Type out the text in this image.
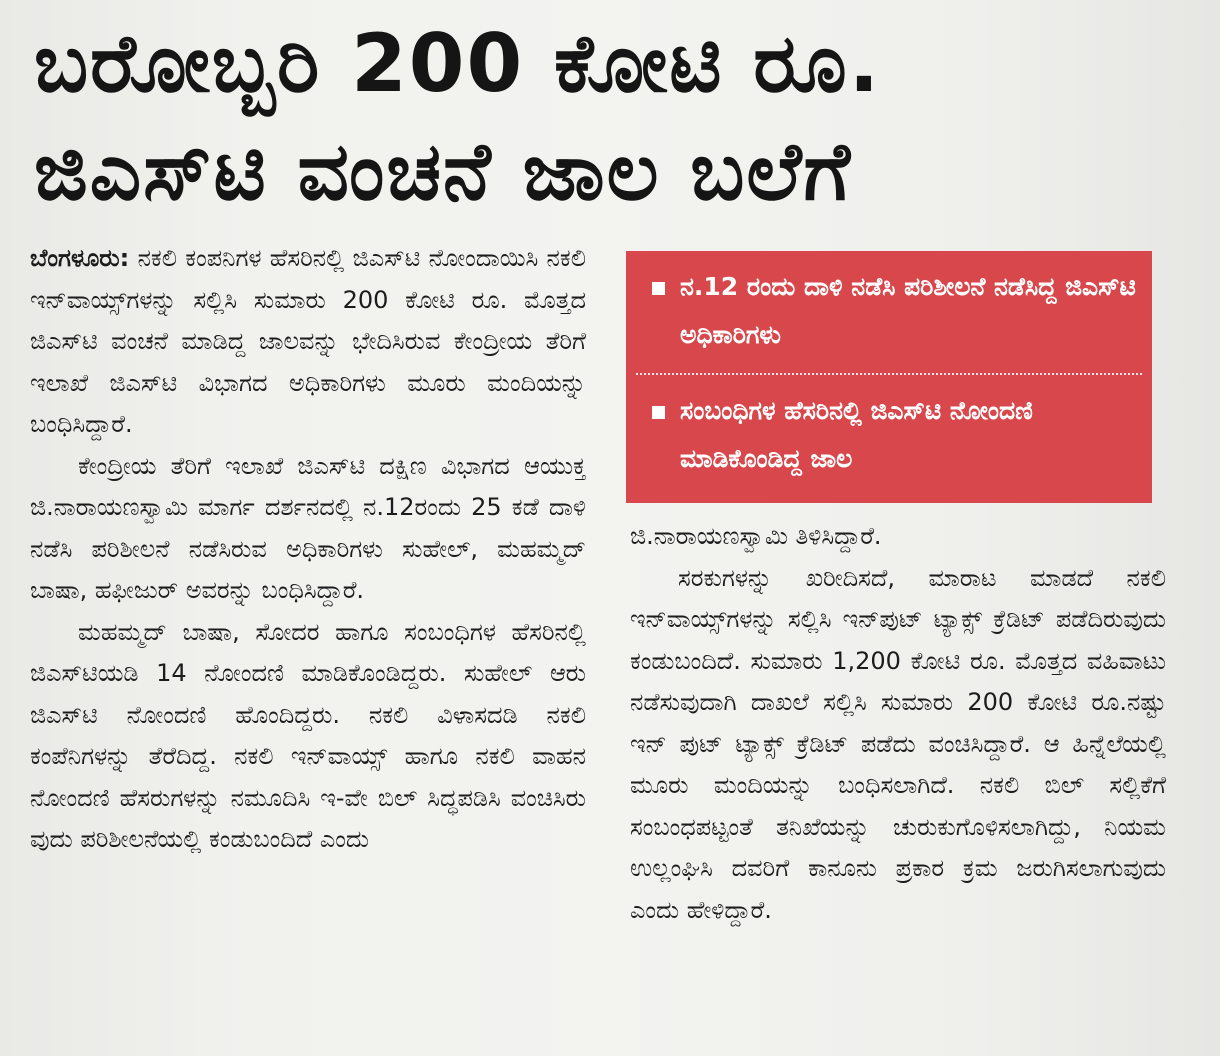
ಬರೋಬ್ಬರಿ 200 ಕೋಟಿ ರೂ.
ಜಿಎಸ್‌ಟಿ ವಂಚನೆ ಜಾಲ ಬಲೆಗೆ

ಬೆಂಗಳೂರು: ನಕಲಿ ಕಂಪನಿಗಳ ಹೆಸರಿನಲ್ಲಿ ಜಿಎಸ್‌ಟಿ ನೋಂದಾಯಿಸಿ ನಕಲಿ ಇನ್‌ವಾಯ್ಸ್‌ಗಳನ್ನು ಸಲ್ಲಿಸಿ ಸುಮಾರು 200 ಕೋಟಿ ರೂ. ಮೊತ್ತದ ಜಿಎಸ್‌ಟಿ ವಂಚನೆ ಮಾಡಿದ್ದ ಜಾಲವನ್ನು ಭೇದಿಸಿರುವ ಕೇಂದ್ರೀಯ ತೆರಿಗೆ ಇಲಾಖೆ ಜಿಎಸ್‌ಟಿ ವಿಭಾಗದ ಅಧಿಕಾರಿಗಳು ಮೂರು ಮಂದಿಯನ್ನು ಬಂಧಿಸಿದ್ದಾರೆ.

ಕೇಂದ್ರೀಯ ತೆರಿಗೆ ಇಲಾಖೆ ಜಿಎಸ್‌ಟಿ ದಕ್ಷಿಣ ವಿಭಾಗದ ಆಯುಕ್ತ ಜಿ.ನಾರಾಯಣಸ್ವಾಮಿ ಮಾರ್ಗ ದರ್ಶನದಲ್ಲಿ ನ.12ರಂದು 25 ಕಡೆ ದಾಳಿ ನಡೆಸಿ ಪರಿಶೀಲನೆ ನಡೆಸಿರುವ ಅಧಿಕಾರಿಗಳು ಸುಹೇಲ್, ಮಹಮ್ಮದ್ ಬಾಷಾ, ಹಫೀಜುರ್ ಅವರನ್ನು ಬಂಧಿಸಿದ್ದಾರೆ.

ಮಹಮ್ಮದ್ ಬಾಷಾ, ಸೋದರ ಹಾಗೂ ಸಂಬಂಧಿಗಳ ಹೆಸರಿನಲ್ಲಿ ಜಿಎಸ್‌ಟಿಯಡಿ 14 ನೋಂದಣಿ ಮಾಡಿಕೊಂಡಿದ್ದರು. ಸುಹೇಲ್ ಆರು ಜಿಎಸ್‌ಟಿ ನೋಂದಣಿ ಹೊಂದಿದ್ದರು. ನಕಲಿ ವಿಳಾಸದಡಿ ನಕಲಿ ಕಂಪೆನಿಗಳನ್ನು ತೆರೆದಿದ್ದ. ನಕಲಿ ಇನ್‌ವಾಯ್ಸ್ ಹಾಗೂ ನಕಲಿ ವಾಹನ ನೋಂದಣಿ ಹೆಸರುಗಳನ್ನು ನಮೂದಿಸಿ ಇ-ವೇ ಬಿಲ್ ಸಿದ್ಧಪಡಿಸಿ ವಂಚಿಸಿರು ವುದು ಪರಿಶೀಲನೆಯಲ್ಲಿ ಕಂಡುಬಂದಿದೆ ಎಂದು

ನ.12 ರಂದು ದಾಳಿ ನಡೆಸಿ ಪರಿಶೀಲನೆ ನಡೆಸಿದ್ದ ಜಿಎಸ್‌ಟಿ ಅಧಿಕಾರಿಗಳು
ಸಂಬಂಧಿಗಳ ಹೆಸರಿನಲ್ಲಿ ಜಿಎಸ್‌ಟಿ ನೋಂದಣಿ ಮಾಡಿಕೊಂಡಿದ್ದ ಜಾಲ

ಜಿ.ನಾರಾಯಣಸ್ವಾಮಿ ತಿಳಿಸಿದ್ದಾರೆ.

ಸರಕುಗಳನ್ನು ಖರೀದಿಸದೆ, ಮಾರಾಟ ಮಾಡದೆ ನಕಲಿ ಇನ್‌ವಾಯ್ಸ್‌ಗಳನ್ನು ಸಲ್ಲಿಸಿ ಇನ್‌ಪುಟ್ ಟ್ಯಾಕ್ಸ್ ಕ್ರೆಡಿಟ್ ಪಡೆದಿರುವುದು ಕಂಡುಬಂದಿದೆ. ಸುಮಾರು 1,200 ಕೋಟಿ ರೂ. ಮೊತ್ತದ ವಹಿವಾಟು ನಡೆಸುವುದಾಗಿ ದಾಖಲೆ ಸಲ್ಲಿಸಿ ಸುಮಾರು 200 ಕೋಟಿ ರೂ.ನಷ್ಟು ಇನ್ ಪುಟ್ ಟ್ಯಾಕ್ಸ್ ಕ್ರೆಡಿಟ್ ಪಡೆದು ವಂಚಿಸಿದ್ದಾರೆ. ಆ ಹಿನ್ನೆಲೆಯಲ್ಲಿ ಮೂರು ಮಂದಿಯನ್ನು ಬಂಧಿಸಲಾಗಿದೆ. ನಕಲಿ ಬಿಲ್ ಸಲ್ಲಿಕೆಗೆ ಸಂಬಂಧಪಟ್ಟಂತೆ ತನಿಖೆಯನ್ನು ಚುರುಕುಗೊಳಿಸಲಾಗಿದ್ದು, ನಿಯಮ ಉಲ್ಲಂಘಿಸಿ ದವರಿಗೆ ಕಾನೂನು ಪ್ರಕಾರ ಕ್ರಮ ಜರುಗಿಸಲಾಗುವುದು ಎಂದು ಹೇಳಿದ್ದಾರೆ.
